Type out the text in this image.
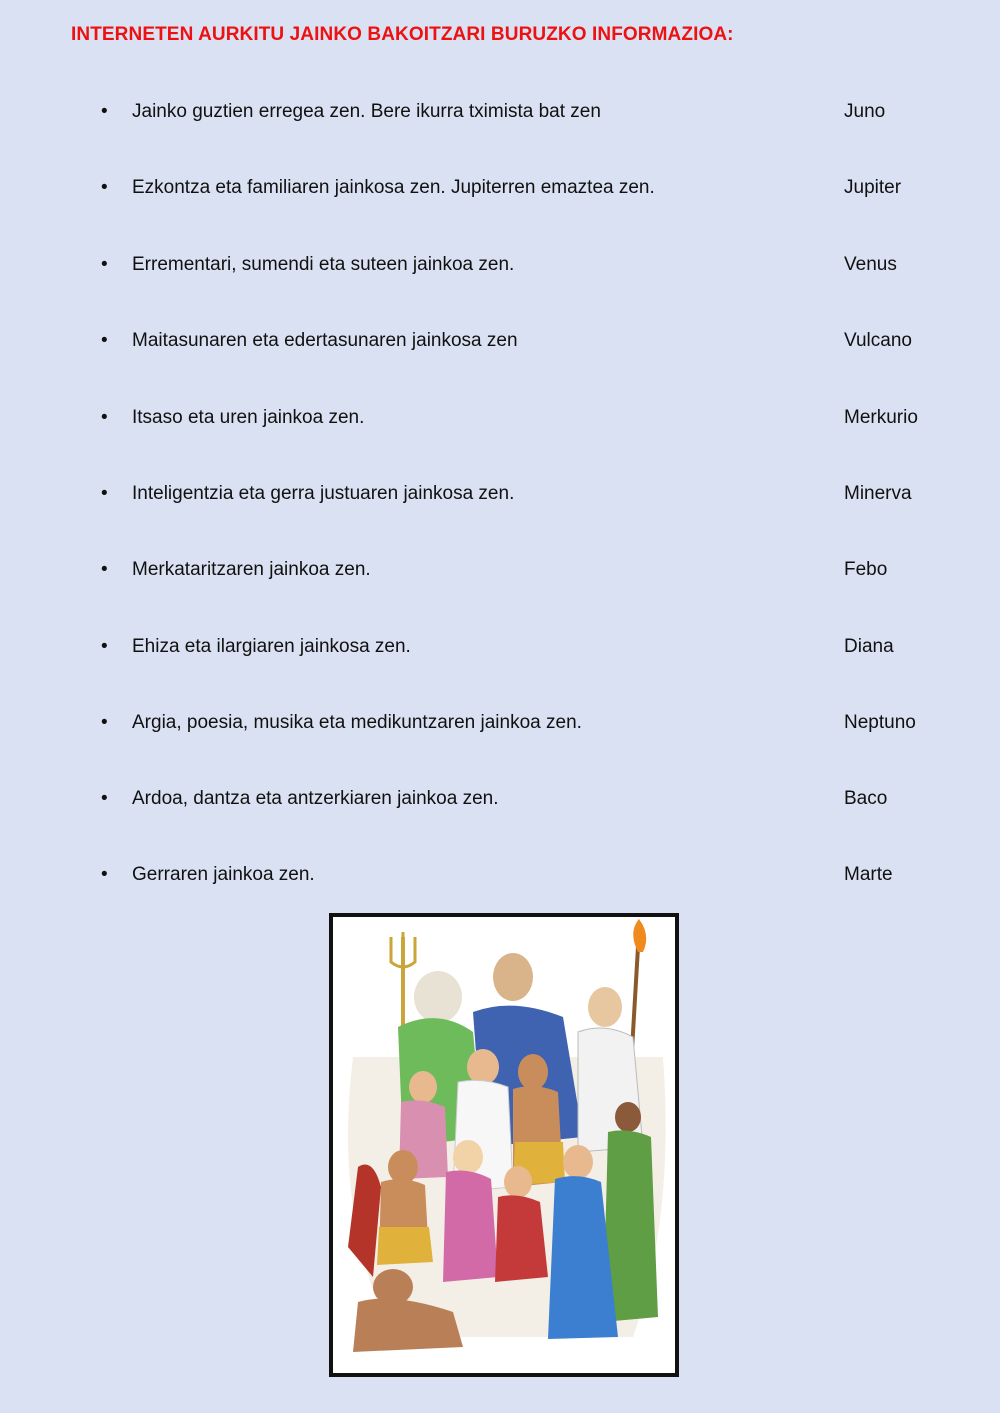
INTERNETEN AURKITU JAINKO BAKOITZARI BURUZKO INFORMAZIOA:
• Jainko guztien erregea zen. Bere ikurra tximista bat zen	Juno
• Ezkontza eta familiaren jainkosa zen. Jupiterren emaztea zen.	Jupiter
• Errementari, sumendi eta suteen jainkoa zen.	Venus
• Maitasunaren eta edertasunaren jainkosa zen	Vulcano
• Itsaso eta uren jainkoa zen.	Merkurio
• Inteligentzia eta gerra justuaren jainkosa zen.	Minerva
• Merkataritzaren jainkoa zen.	Febo
• Ehiza eta ilargiaren jainkosa zen.	Diana
• Argia, poesia, musika eta medikuntzaren jainkoa zen.	Neptuno
• Ardoa, dantza eta antzerkiaren jainkoa zen.	Baco
• Gerraren jainkoa zen.	Marte
